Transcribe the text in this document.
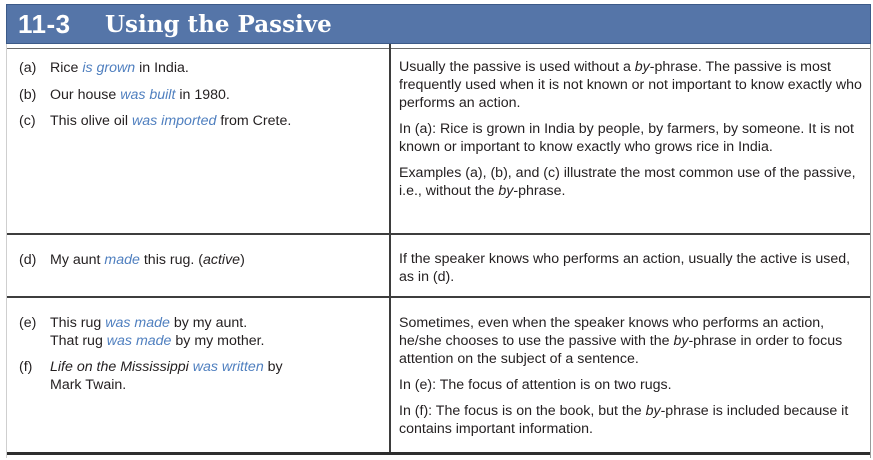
11-3 Using the Passive
(a) Rice is grown in India.
(b) Our house was built in 1980.
(c) This olive oil was imported from Crete.

Usually the passive is used without a by-phrase. The passive is most frequently used when it is not known or not important to know exactly who performs an action.

In (a): Rice is grown in India by people, by farmers, by someone. It is not known or important to know exactly who grows rice in India.

Examples (a), (b), and (c) illustrate the most common use of the passive, i.e., without the by-phrase.

(d) My aunt made this rug. (active)	If the speaker knows who performs an action, usually the active is used, as in (d).

(e) This rug was made by my aunt.
That rug was made by my mother.
(f) Life on the Mississippi was written by
Mark Twain.

Sometimes, even when the speaker knows who performs an action, he/she chooses to use the passive with the by-phrase in order to focus attention on the subject of a sentence.

In (e): The focus of attention is on two rugs.

In (f): The focus is on the book, but the by-phrase is included because it contains important information.
